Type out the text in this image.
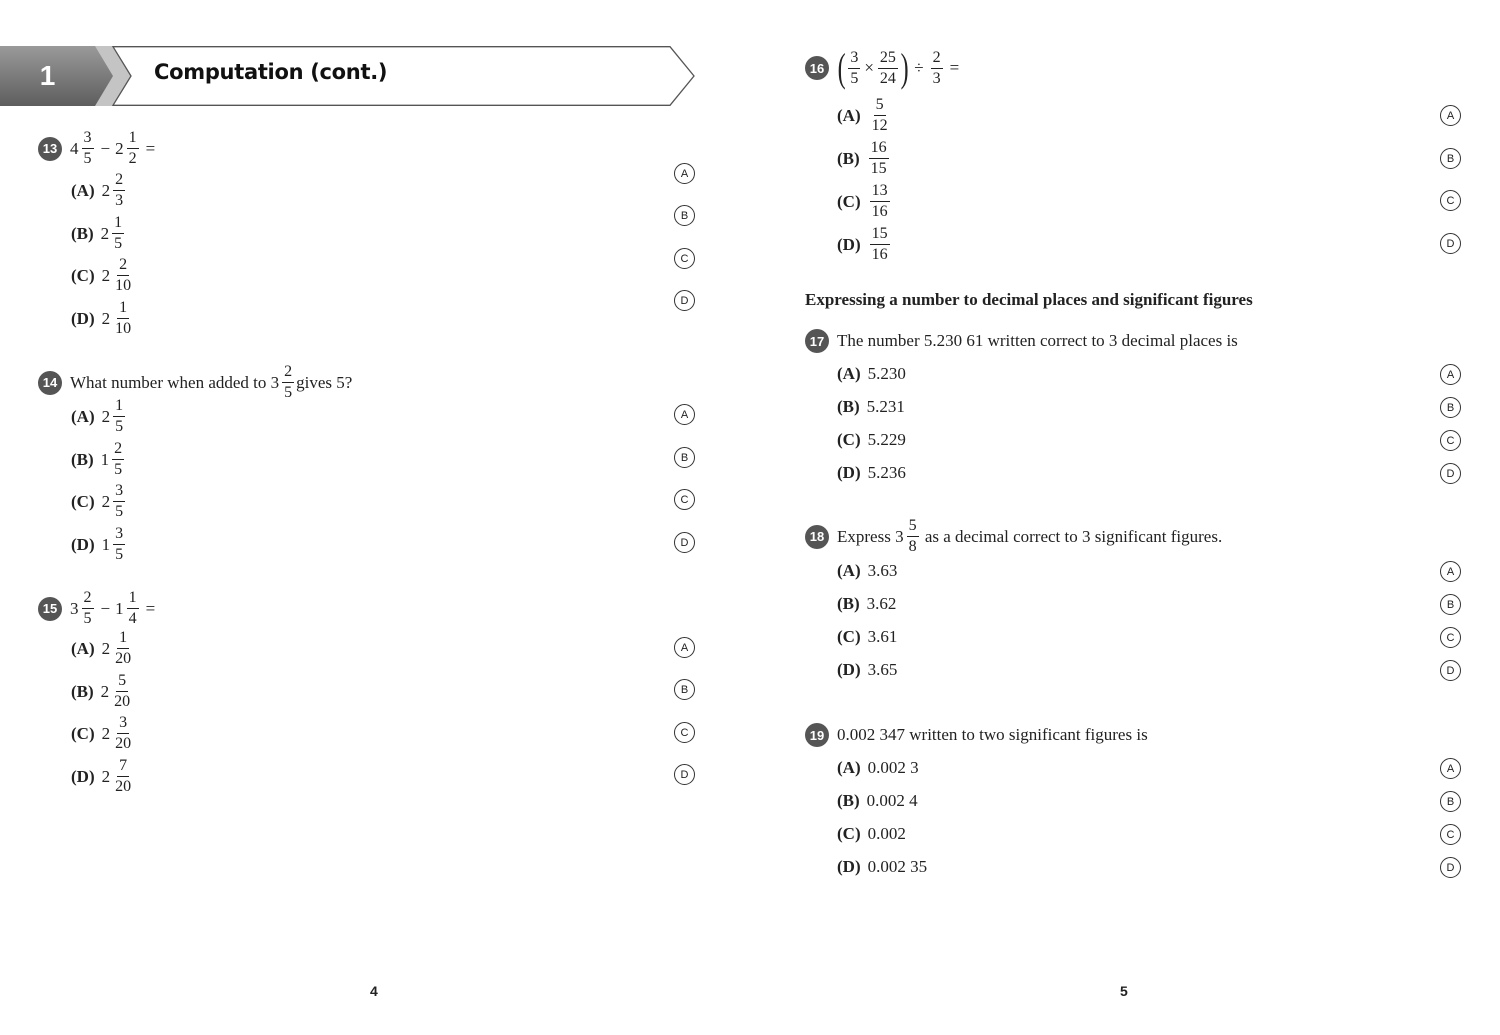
1	Computation (cont.)
13 $4 \frac{3}{5} - 2 \frac{1}{2}$ =
(A) $2 \frac{2}{3}$
(B) $2 \frac{1}{5}$
(C) $2 \frac{2}{10}$
(D) $2 \frac{1}{10}$
A
B
C
D
14 What number when added to
$3 \frac{2}{5}$ gives 5?
(A) $2 \frac{1}{5}$
(B) $1 \frac{2}{5}$
(C) $2 \frac{3}{5}$
(D) $1 \frac{3}{5}$
A
B
C
D
15 $3 \frac{2}{5} - 1 \frac{1}{4}$ =
(A) $2 \frac{1}{20}$
(B) $2 \frac{5}{20}$
(C) $2 \frac{3}{20}$
(D) $2 \frac{7}{20}$
A
B
C
D
16 ( $\frac{3}{5} \times \frac{25}{24}$ ) ÷ $\frac{2}{3}$ =
$(A) \frac{5}{12}$
$(B) \frac{16}{15}$
$(C) \frac{13}{16}$
$(D) \frac{15}{16}$
A
B
C
D
Expressing a number to decimal places and significant figures
17 The number 5.230 61 written correct to 3 decimal places is
(A) 5.230
(B) 5.231
(C) 5.229
(D) 5.236
A
B
C
D
18 Express
$3 \frac{5}{8}$
as a decimal correct to 3 significant figures.
(A) 3.63
(B) 3.62
(C) 3.61
(D) 3.65
A
B
C
D
19 0.002 347 written to two significant figures is
(A) 0.002 3
(B) 0.002 4
(C) 0.002
(D) 0.002 35
A
B
C
D
4	5
